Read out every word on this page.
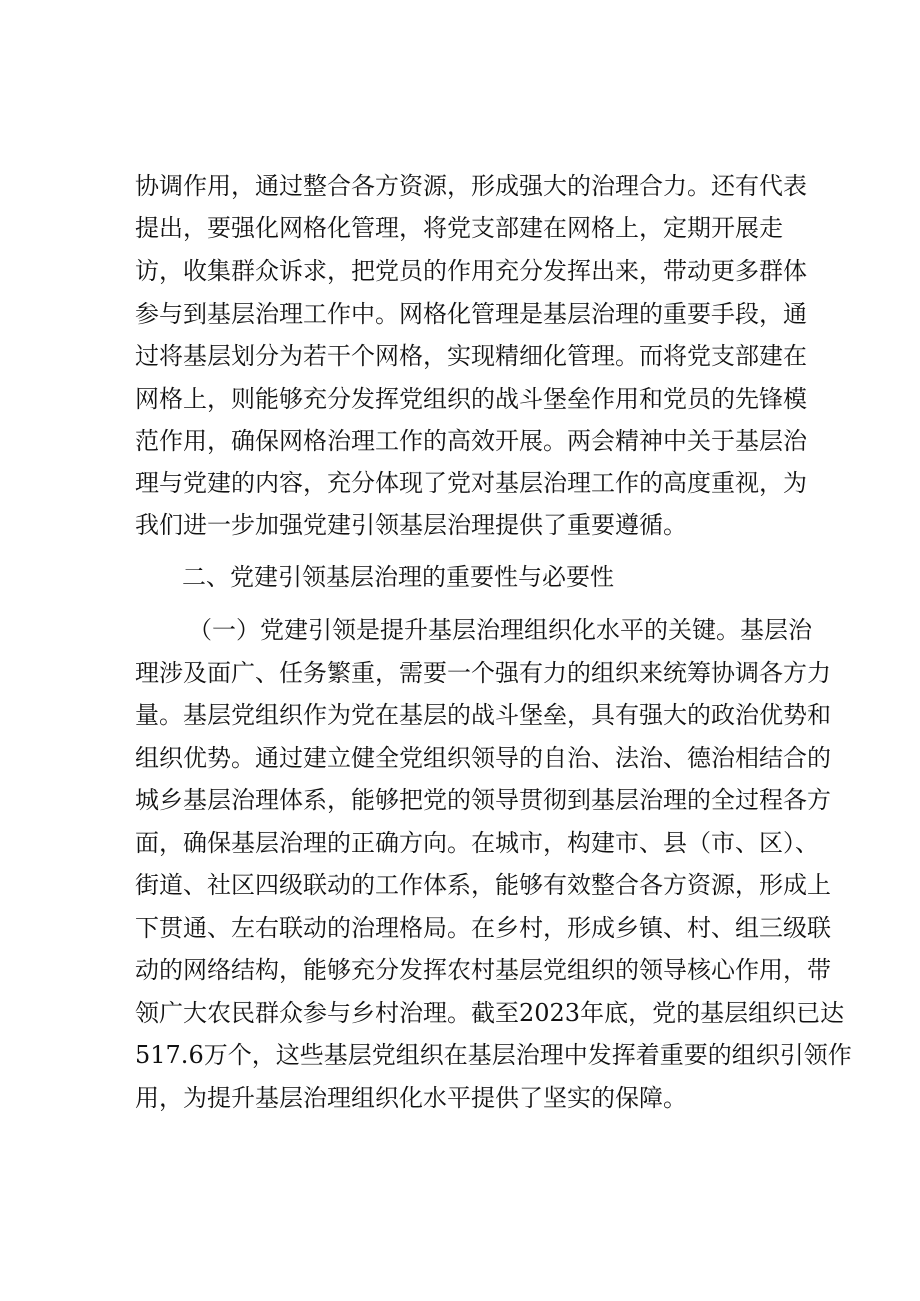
协调作用，通过整合各方资源，形成强大的治理合力。还有代表
提出，要强化网格化管理，将党支部建在网格上，定期开展走
访，收集群众诉求，把党员的作用充分发挥出来，带动更多群体
参与到基层治理工作中。网格化管理是基层治理的重要手段，通
过将基层划分为若干个网格，实现精细化管理。而将党支部建在
网格上，则能够充分发挥党组织的战斗堡垒作用和党员的先锋模
范作用，确保网格治理工作的高效开展。两会精神中关于基层治
理与党建的内容，充分体现了党对基层治理工作的高度重视，为
我们进一步加强党建引领基层治理提供了重要遵循。
二、党建引领基层治理的重要性与必要性
（一）党建引领是提升基层治理组织化水平的关键。基层治
理涉及面广、任务繁重，需要一个强有力的组织来统筹协调各方力
量。基层党组织作为党在基层的战斗堡垒，具有强大的政治优势和
组织优势。通过建立健全党组织领导的自治、法治、德治相结合的
城乡基层治理体系，能够把党的领导贯彻到基层治理的全过程各方
面，确保基层治理的正确方向。在城市，构建市、县（市、区）、
街道、社区四级联动的工作体系，能够有效整合各方资源，形成上
下贯通、左右联动的治理格局。在乡村，形成乡镇、村、组三级联
动的网络结构，能够充分发挥农村基层党组织的领导核心作用，带
领广大农民群众参与乡村治理。截至2023年底，党的基层组织已达
517.6万个，这些基层党组织在基层治理中发挥着重要的组织引领作
用，为提升基层治理组织化水平提供了坚实的保障。
